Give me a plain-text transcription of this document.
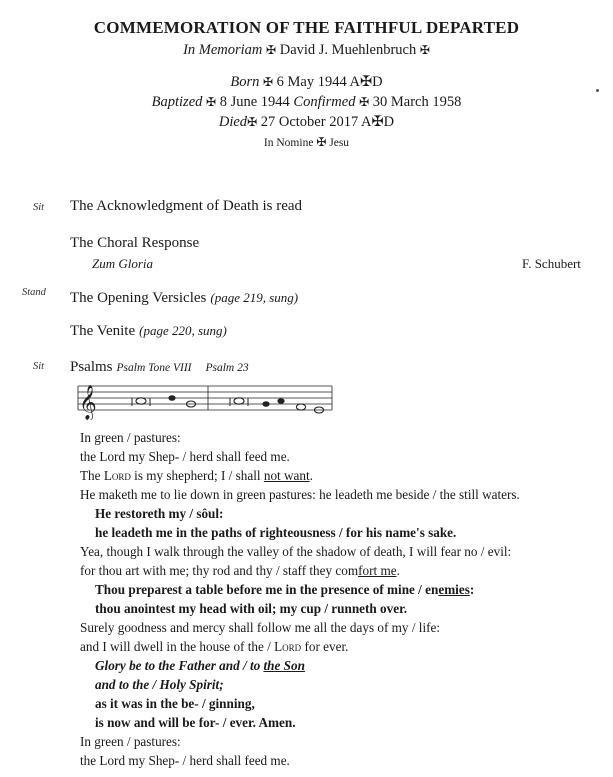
COMMEMORATION OF THE FAITHFUL DEPARTED
In Memoriam ✠ David J. Muehlenbruch ✠
Born ✠ 6 May 1944 A✠D
Baptized ✠ 8 June 1944 Confirmed ✠ 30 March 1958
Died✠ 27 October 2017 A✠D
In Nomine ✠ Jesu
Sit The Acknowledgment of Death is read
The Choral Response
Zum Gloria	F. Schubert
Stand The Opening Versicles (page 219, sung)
The Venite (page 220, sung)
Sit Psalms Psalm Tone VIII Psalm 23
𝄞
In green / pastures:
the Lord my Shep- / herd shall feed me.
The Lord is my shepherd; I / shall not want.
He maketh me to lie down in green pastures: he leadeth me beside / the still waters.
He restoreth my / sôul:
he leadeth me in the paths of righteousness / for his name's sake.
Yea, though I walk through the valley of the shadow of death, I will fear no / evil:
for thou art with me; thy rod and thy / staff they comfort me.
Thou preparest a table before me in the presence of mine / enemies:
thou anointest my head with oil; my cup / runneth over.
Surely goodness and mercy shall follow me all the days of my / life:
and I will dwell in the house of the / Lord for ever.
Glory be to the Father and / to the Son
and to the / Holy Spirit;
as it was in the be- / ginning,
is now and will be for- / ever. Amen.
In green / pastures:
the Lord my Shep- / herd shall feed me.
